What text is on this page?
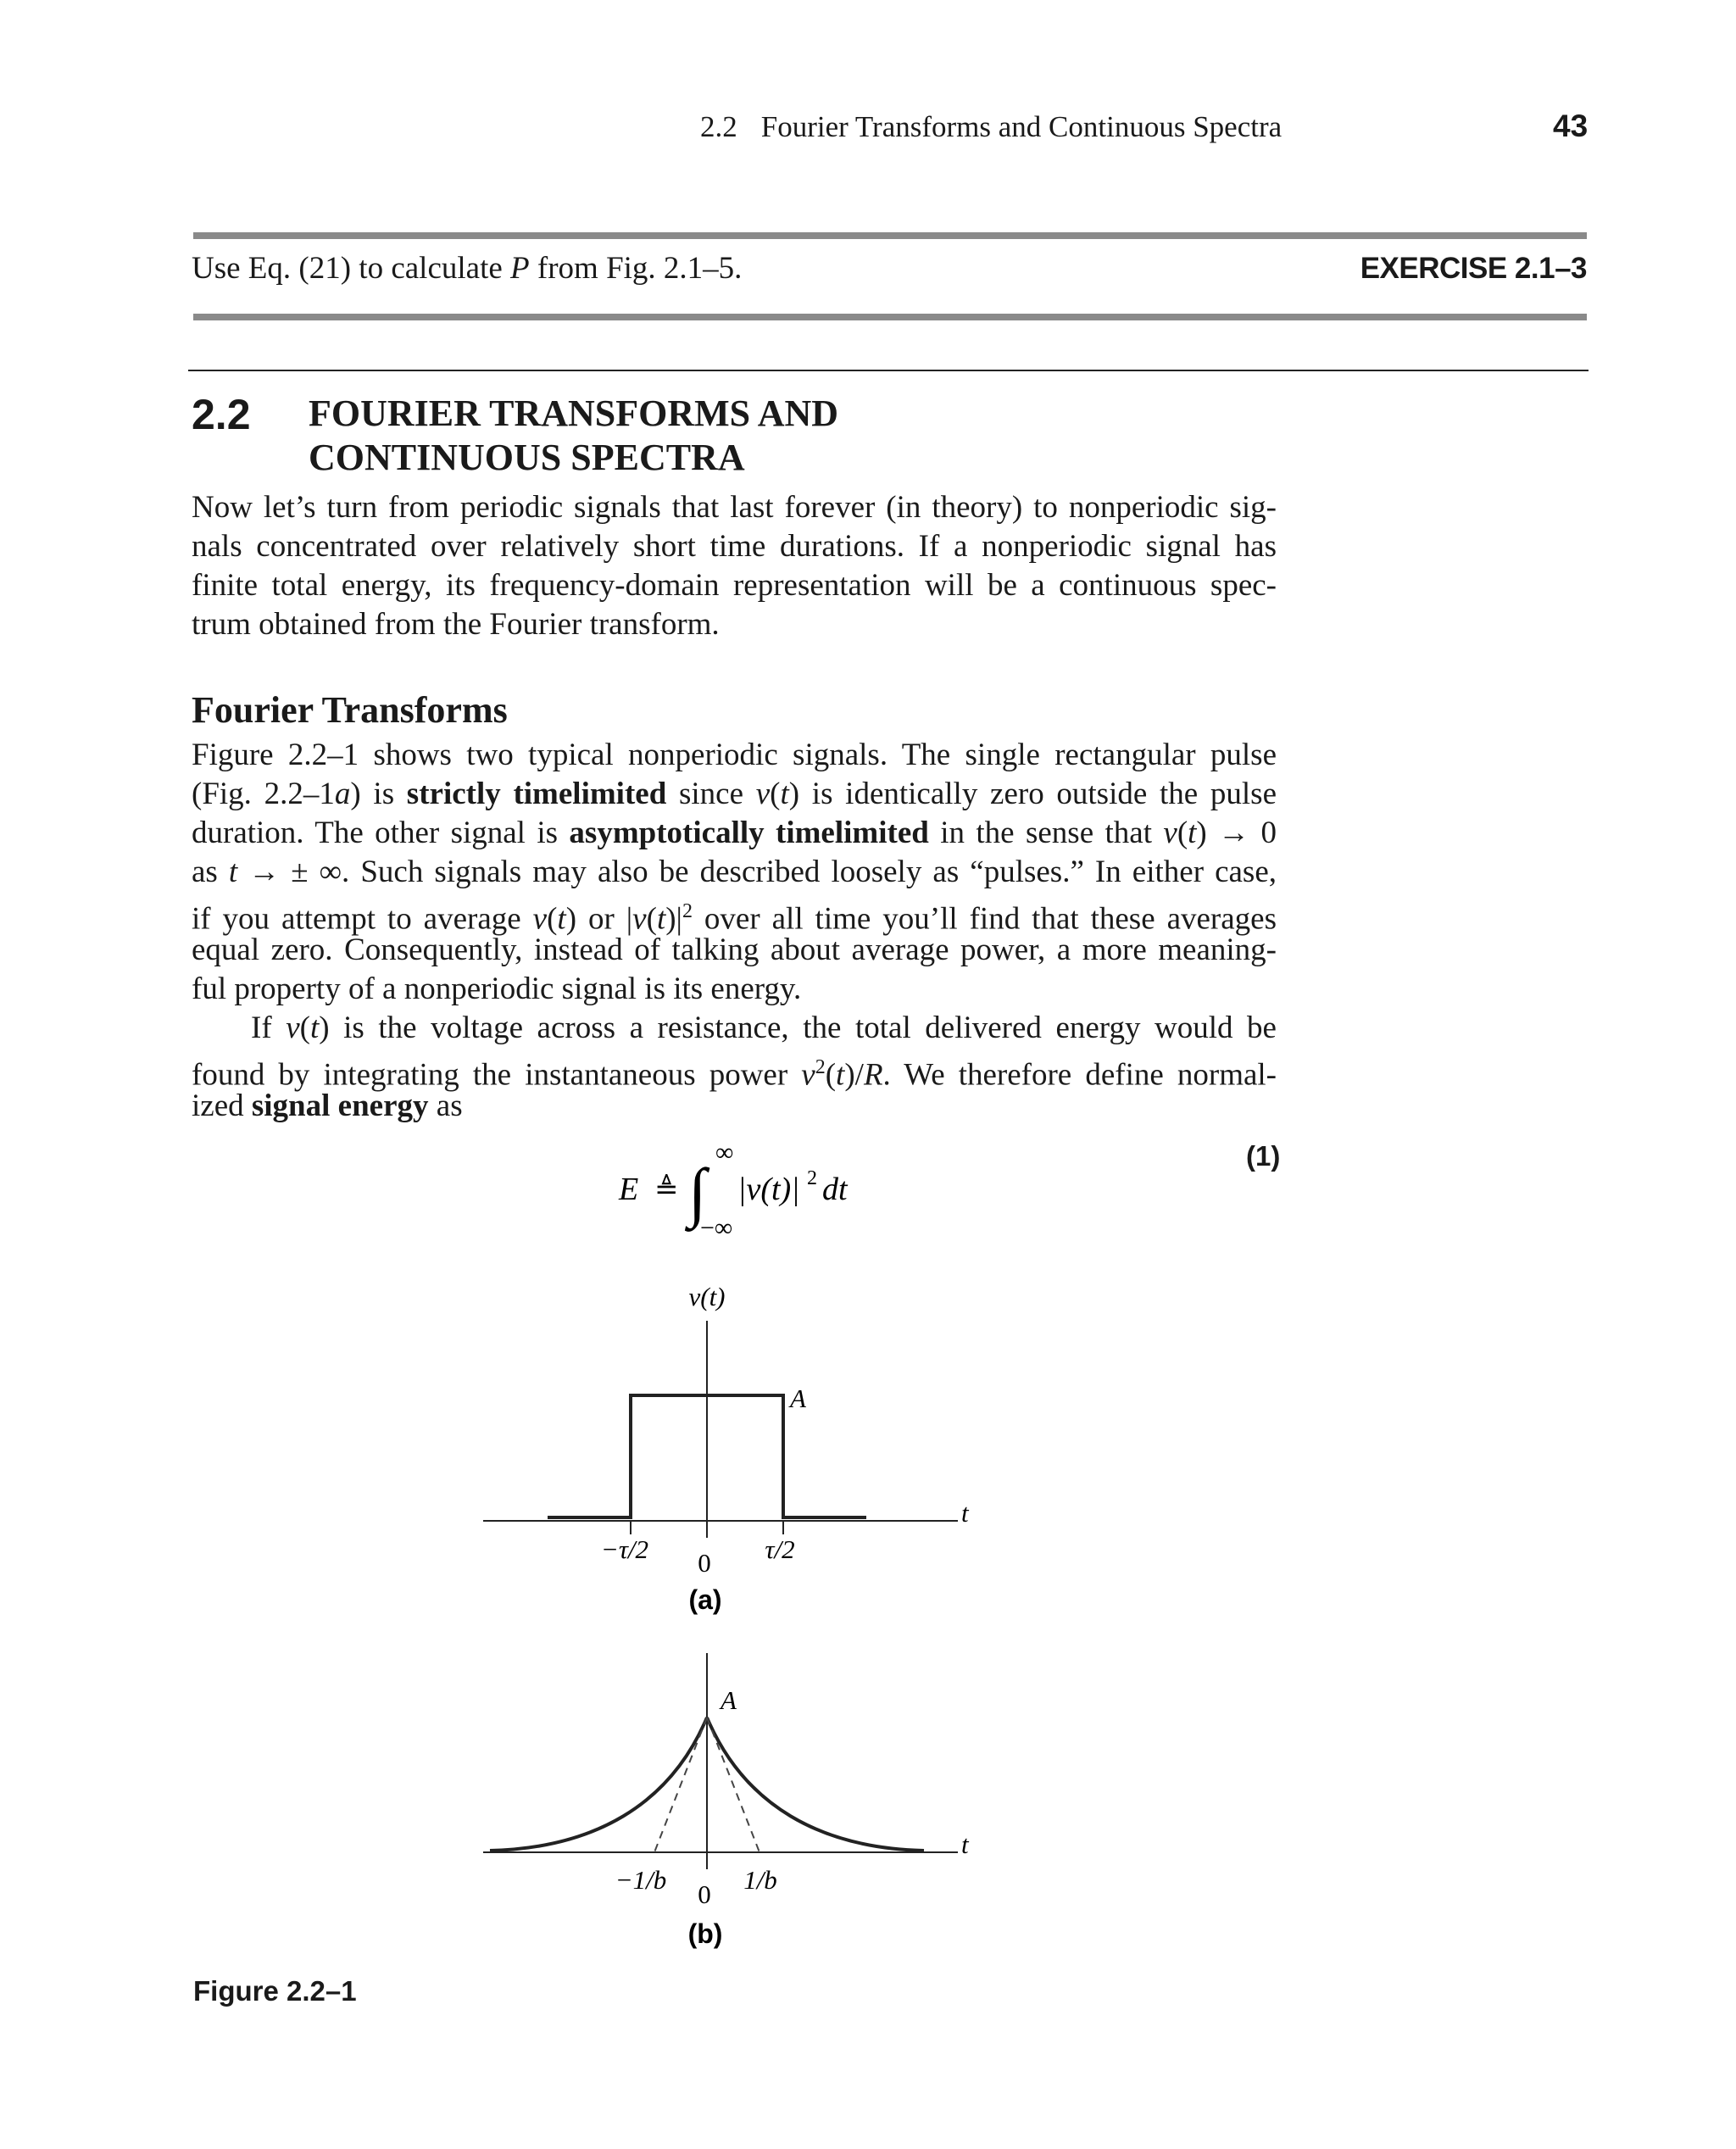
2.2 Fourier Transforms and Continuous Spectra	43
Use Eq. (21) to calculate P from Fig. 2.1–5.	EXERCISE 2.1–3
2.2 FOURIER TRANSFORMS AND
CONTINUOUS SPECTRA
Now let’s turn from periodic signals that last forever (in theory) to nonperiodic sig-
nals concentrated over relatively short time durations. If a nonperiodic signal has
finite total energy, its frequency-domain representation will be a continuous spec-
trum obtained from the Fourier transform.
Fourier Transforms
Figure 2.2–1 shows two typical nonperiodic signals. The single rectangular pulse
(Fig. 2.2–1a) is strictly timelimited since v(t) is identically zero outside the pulse
duration. The other signal is asymptotically timelimited in the sense that v(t) → 0
as t → ± ∞. Such signals may also be described loosely as “pulses.” In either case,
if you attempt to average v(t) or $|v(t)|^2$ over all time you’ll find that these averages
equal zero. Consequently, instead of talking about average power, a more meaning-
ful property of a nonperiodic signal is its energy.
If v(t) is the voltage across a resistance, the total delivered energy would be
found by integrating the instantaneous power $v^2(t)/R$. We therefore define normal-
ized signal energy as
(1)
E ≜ ∫
∞
−∞
|v(t)| 2 dt
v(t)
A
t
−τ/2 0 τ/2
(a)
A
t
−1/b 0 1/b
(b)
Figure 2.2–1
